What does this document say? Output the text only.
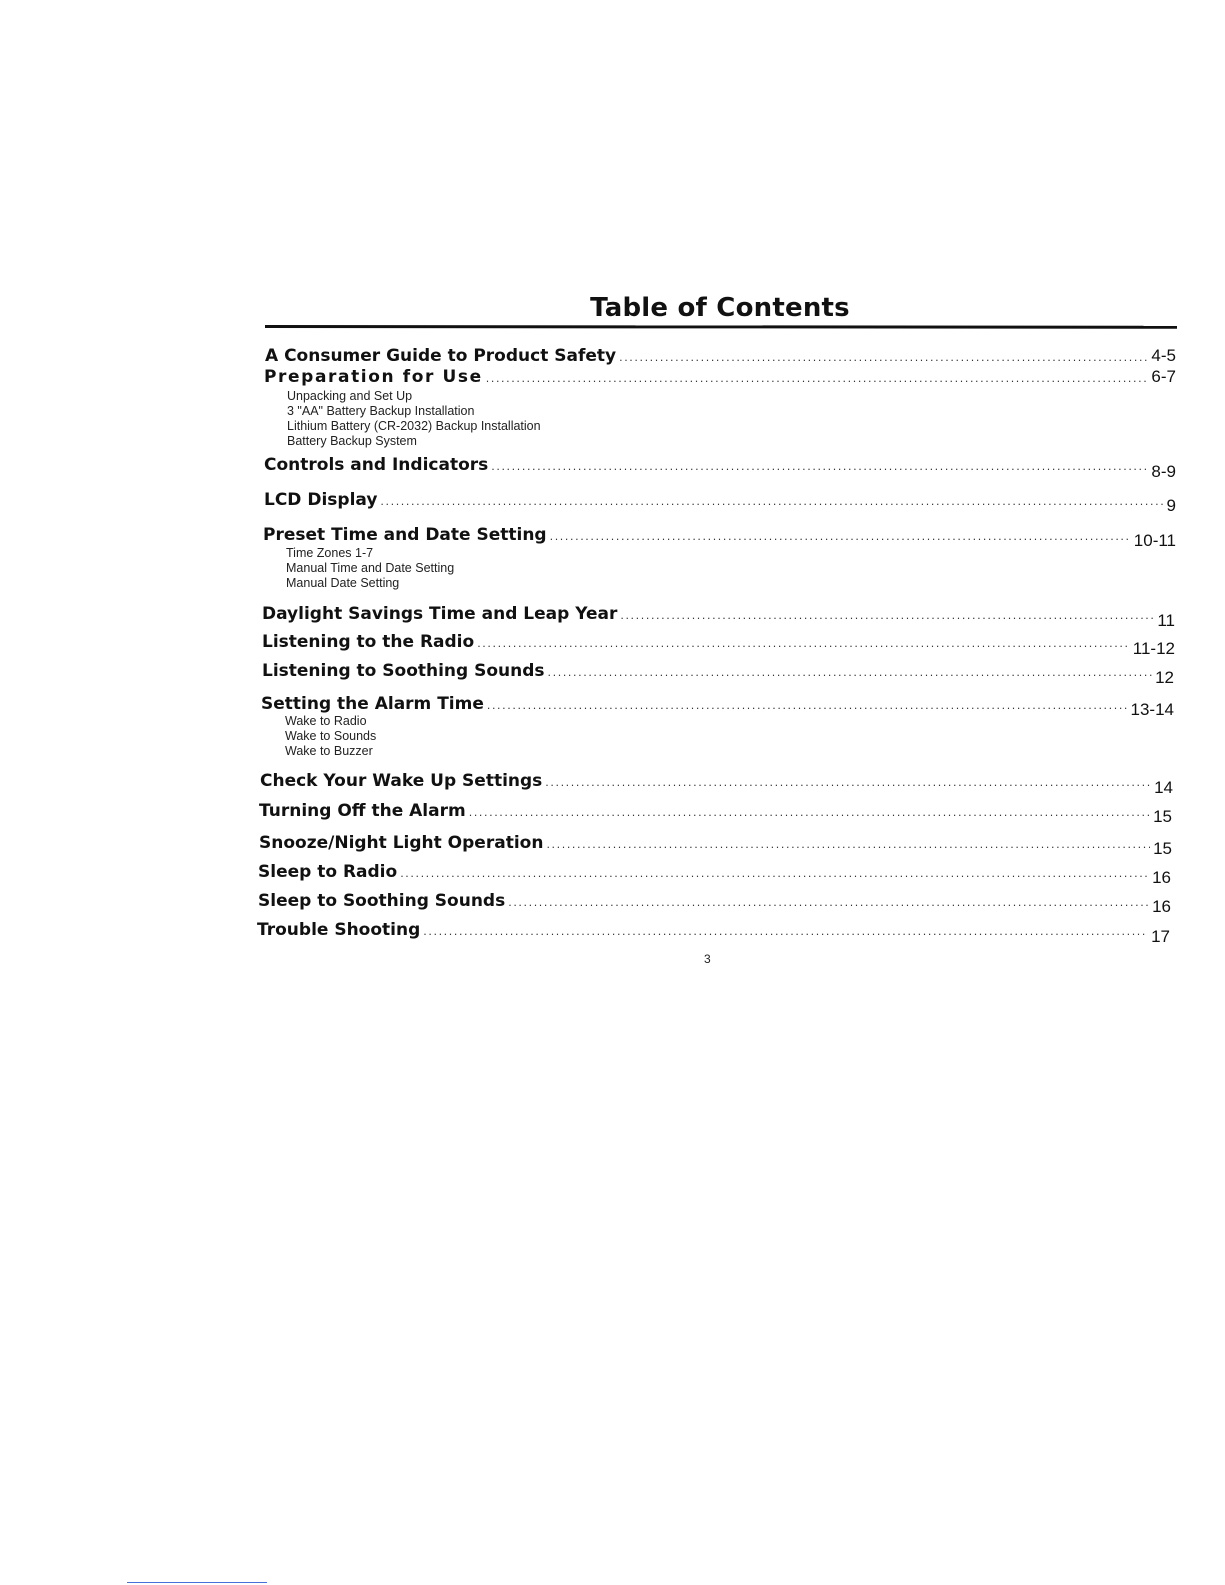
Table of Contents
A Consumer Guide to Product Safety .....	4-5
Preparation for Use .....	6-7
Unpacking and Set Up
3 "AA" Battery Backup Installation
Lithium Battery (CR-2032) Backup Installation
Battery Backup System
Controls and Indicators .....	8-9
LCD Display .....	9
Preset Time and Date Setting .....	10-11
Time Zones 1-7
Manual Time and Date Setting
Manual Date Setting
Daylight Savings Time and Leap Year .....	11
Listening to the Radio .....	11-12
Listening to Soothing Sounds .....	12
Setting the Alarm Time .....	13-14
Wake to Radio
Wake to Sounds
Wake to Buzzer
Check Your Wake Up Settings .....	14
Turning Off the Alarm .....	15
Snooze/Night Light Operation .....	15
Sleep to Radio .....	16
Sleep to Soothing Sounds .....	16
Trouble Shooting .....	17
3
